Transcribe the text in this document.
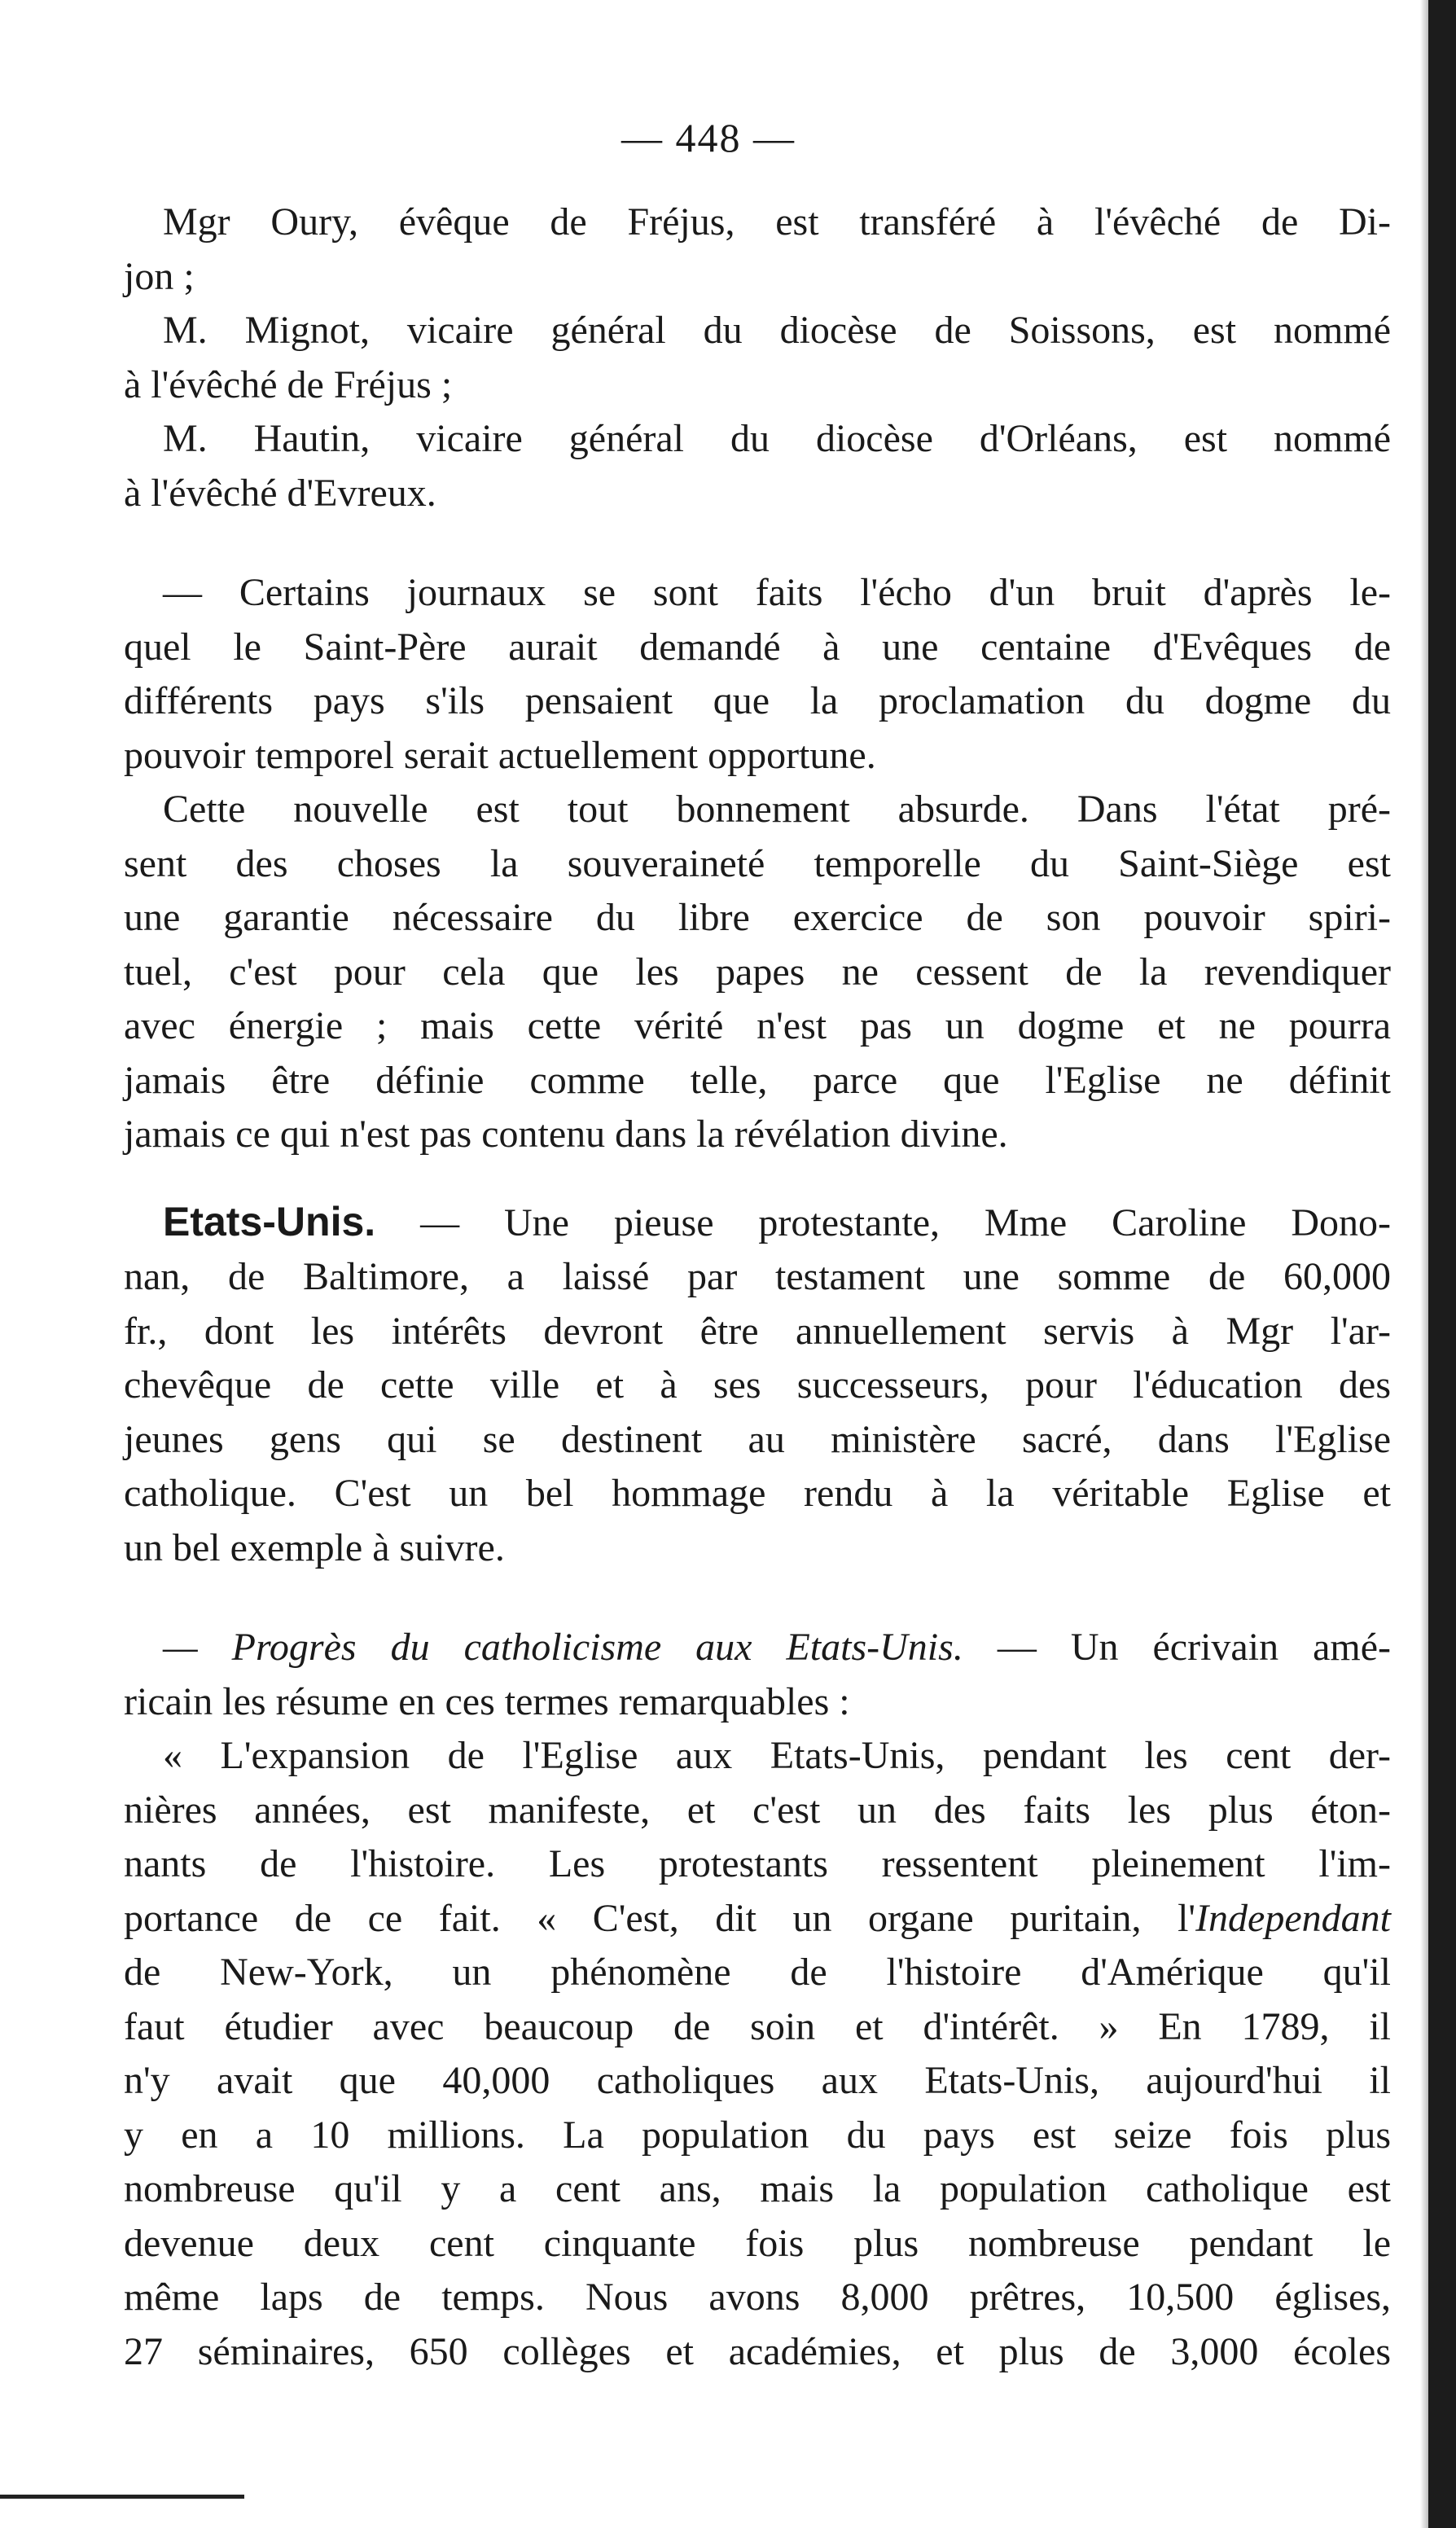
— 448 —

Mgr Oury, évêque de Fréjus, est transféré à l'évêché de Di-
jon ;

M. Mignot, vicaire général du diocèse de Soissons, est nommé
à l'évêché de Fréjus ;

M. Hautin, vicaire général du diocèse d'Orléans, est nommé
à l'évêché d'Evreux.

— Certains journaux se sont faits l'écho d'un bruit d'après le-
quel le Saint-Père aurait demandé à une centaine d'Evêques de
différents pays s'ils pensaient que la proclamation du dogme du
pouvoir temporel serait actuellement opportune.

Cette nouvelle est tout bonnement absurde. Dans l'état pré-
sent des choses la souveraineté temporelle du Saint-Siège est
une garantie nécessaire du libre exercice de son pouvoir spiri-
tuel, c'est pour cela que les papes ne cessent de la revendiquer
avec énergie ; mais cette vérité n'est pas un dogme et ne pourra
jamais être définie comme telle, parce que l'Eglise ne définit
jamais ce qui n'est pas contenu dans la révélation divine.

Etats-Unis. — Une pieuse protestante, Mme Caroline Dono-
nan, de Baltimore, a laissé par testament une somme de 60,000
fr., dont les intérêts devront être annuellement servis à Mgr l'ar-
chevêque de cette ville et à ses successeurs, pour l'éducation des
jeunes gens qui se destinent au ministère sacré, dans l'Eglise
catholique. C'est un bel hommage rendu à la véritable Eglise et
un bel exemple à suivre.

— Progrès du catholicisme aux Etats-Unis. — Un écrivain amé-
ricain les résume en ces termes remarquables :

« L'expansion de l'Eglise aux Etats-Unis, pendant les cent der-
nières années, est manifeste, et c'est un des faits les plus éton-
nants de l'histoire. Les protestants ressentent pleinement l'im-
portance de ce fait. « C'est, dit un organe puritain, l'Independant
de New-York, un phénomène de l'histoire d'Amérique qu'il
faut étudier avec beaucoup de soin et d'intérêt. » En 1789, il
n'y avait que 40,000 catholiques aux Etats-Unis, aujourd'hui il
y en a 10 millions. La population du pays est seize fois plus
nombreuse qu'il y a cent ans, mais la population catholique est
devenue deux cent cinquante fois plus nombreuse pendant le
même laps de temps. Nous avons 8,000 prêtres, 10,500 églises,
27 séminaires, 650 collèges et académies, et plus de 3,000 écoles
